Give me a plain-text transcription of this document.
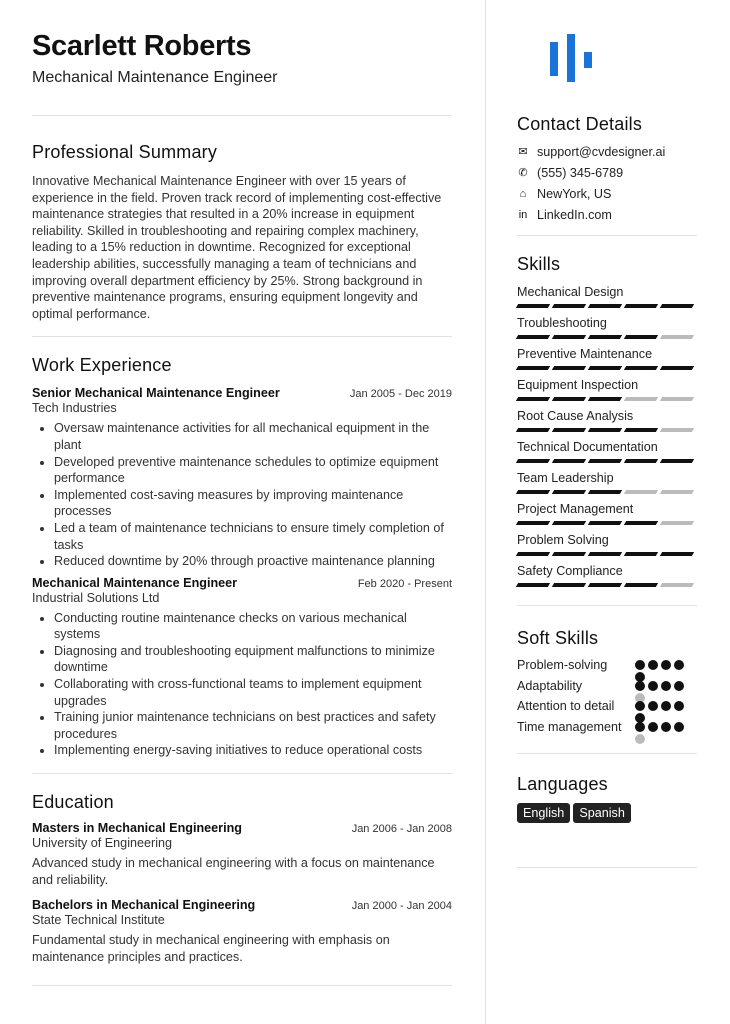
Scarlett Roberts
Mechanical Maintenance Engineer
Professional Summary
Innovative Mechanical Maintenance Engineer with over 15 years of experience in the field. Proven track record of implementing cost-effective maintenance strategies that resulted in a 20% increase in equipment reliability. Skilled in troubleshooting and repairing complex machinery, leading to a 15% reduction in downtime. Recognized for exceptional leadership abilities, successfully managing a team of technicians and improving overall department efficiency by 25%. Strong background in preventive maintenance programs, ensuring equipment longevity and optimal performance.
Work Experience
Senior Mechanical Maintenance Engineer	Jan 2005 - Dec 2019
Tech Industries
• Oversaw maintenance activities for all mechanical equipment in the plant
• Developed preventive maintenance schedules to optimize equipment performance
• Implemented cost-saving measures by improving maintenance processes
• Led a team of maintenance technicians to ensure timely completion of tasks
• Reduced downtime by 20% through proactive maintenance planning
Mechanical Maintenance Engineer	Feb 2020 - Present
Industrial Solutions Ltd
• Conducting routine maintenance checks on various mechanical systems
• Diagnosing and troubleshooting equipment malfunctions to minimize downtime
• Collaborating with cross-functional teams to implement equipment upgrades
• Training junior maintenance technicians on best practices and safety procedures
• Implementing energy-saving initiatives to reduce operational costs
Education
Masters in Mechanical Engineering	Jan 2006 - Jan 2008
University of Engineering
Advanced study in mechanical engineering with a focus on maintenance and reliability.
Bachelors in Mechanical Engineering	Jan 2000 - Jan 2004
State Technical Institute
Fundamental study in mechanical engineering with emphasis on maintenance principles and practices.
Contact Details
✉ support@cvdesigner.ai
✆ (555) 345-6789
⌂ NewYork, US
in LinkedIn.com
Skills
Mechanical Design
Troubleshooting
Preventive Maintenance
Equipment Inspection
Root Cause Analysis
Technical Documentation
Team Leadership
Project Management
Problem Solving
Safety Compliance
Soft Skills
Problem-solving
Adaptability
Attention to detail
Time management
Languages
English Spanish
